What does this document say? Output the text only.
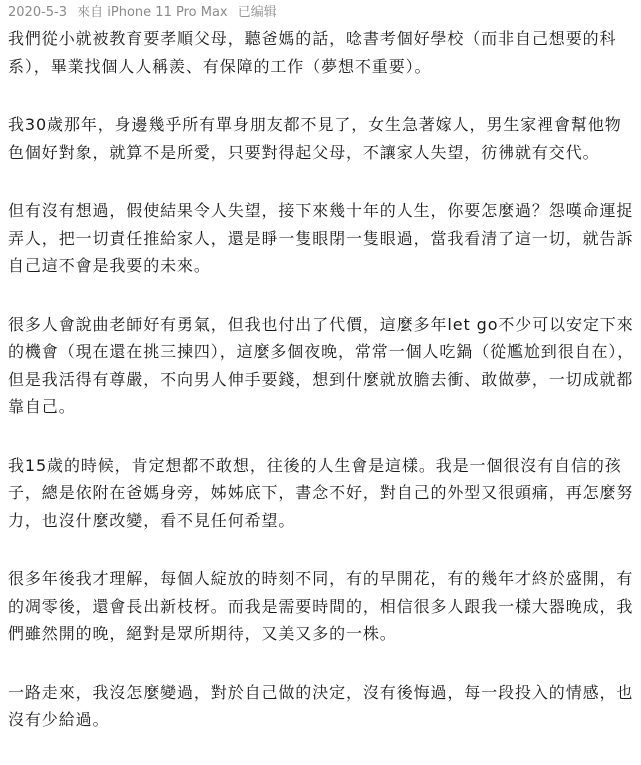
2020-5-3 來自 iPhone 11 Pro Max 已编辑

我們從小就被教育要孝順父母，聽爸媽的話，唸書考個好學校（而非自己想要的科系），畢業找個人人稱羨、有保障的工作（夢想不重要）。

我30歲那年，身邊幾乎所有單身朋友都不見了，女生急著嫁人，男生家裡會幫他物色個好對象，就算不是所愛，只要對得起父母，不讓家人失望，彷彿就有交代。

但有沒有想過，假使結果令人失望，接下來幾十年的人生，你要怎麼過？怨嘆命運捉弄人，把一切責任推給家人，還是睜一隻眼閉一隻眼過，當我看清了這一切，就告訴自己這不會是我要的未來。

很多人會說曲老師好有勇氣，但我也付出了代價，這麼多年let go不少可以安定下來的機會（現在還在挑三揀四），這麼多個夜晚，常常一個人吃鍋（從尷尬到很自在），但是我活得有尊嚴，不向男人伸手要錢，想到什麼就放膽去衝、敢做夢，一切成就都靠自己。

我15歲的時候，肯定想都不敢想，往後的人生會是這樣。我是一個很沒有自信的孩子，總是依附在爸媽身旁，姊姊底下，書念不好，對自己的外型又很頭痛，再怎麼努力，也沒什麼改變，看不見任何希望。

很多年後我才理解，每個人綻放的時刻不同，有的早開花，有的幾年才終於盛開，有的凋零後，還會長出新枝枒。而我是需要時間的，相信很多人跟我一樣大器晚成，我們雖然開的晚，絕對是眾所期待，又美又多的一株。

一路走來，我沒怎麼變過，對於自己做的決定，沒有後悔過，每一段投入的情感，也沒有少給過。
